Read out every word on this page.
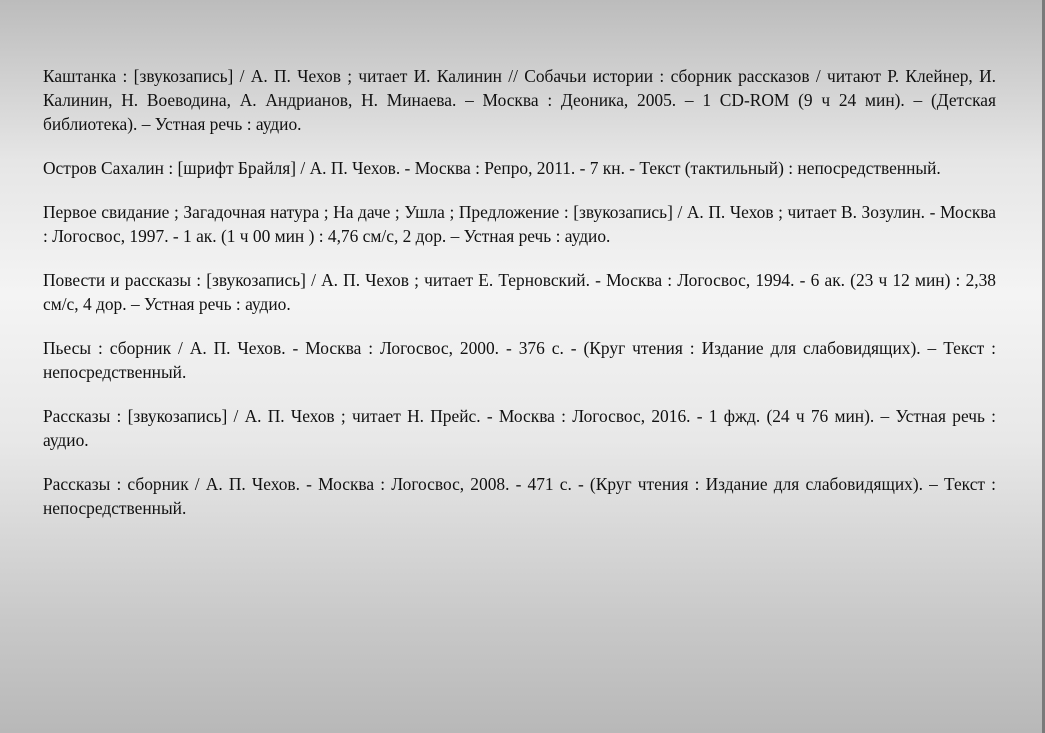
Каштанка : [звукозапись] / А. П. Чехов ; читает И. Калинин // Собачьи истории : сборник рассказов / читают Р. Клейнер, И. Калинин, Н. Воеводина, А. Андрианов, Н. Минаева. – Москва : Деоника, 2005. – 1 CD-ROM (9 ч 24 мин). – (Детская библиотека). – Устная речь : аудио.

Остров Сахалин : [шрифт Брайля] / А. П. Чехов. - Москва : Репро, 2011. - 7 кн. - Текст (тактильный) : непосредственный.

Первое свидание ; Загадочная натура ; На даче ; Ушла ; Предложение : [звукозапись] / А. П. Чехов ; читает В. Зозулин. - Москва : Логосвос, 1997. - 1 ак. (1 ч 00 мин ) : 4,76 см/с, 2 дор. – Устная речь : аудио.

Повести и рассказы : [звукозапись] / А. П. Чехов ; читает Е. Терновский. - Москва : Логосвос, 1994. - 6 ак. (23 ч 12 мин) : 2,38 см/с, 4 дор. – Устная речь : аудио.

Пьесы : сборник / А. П. Чехов. - Москва : Логосвос, 2000. - 376 с. - (Круг чтения : Издание для слабовидящих). – Текст : непосредственный.

Рассказы : [звукозапись] / А. П. Чехов ; читает Н. Прейс. - Москва : Логосвос, 2016. - 1 фжд. (24 ч 76 мин). – Устная речь : аудио.

Рассказы : сборник / А. П. Чехов. - Москва : Логосвос, 2008. - 471 с. - (Круг чтения : Издание для слабовидящих). – Текст : непосредственный.
